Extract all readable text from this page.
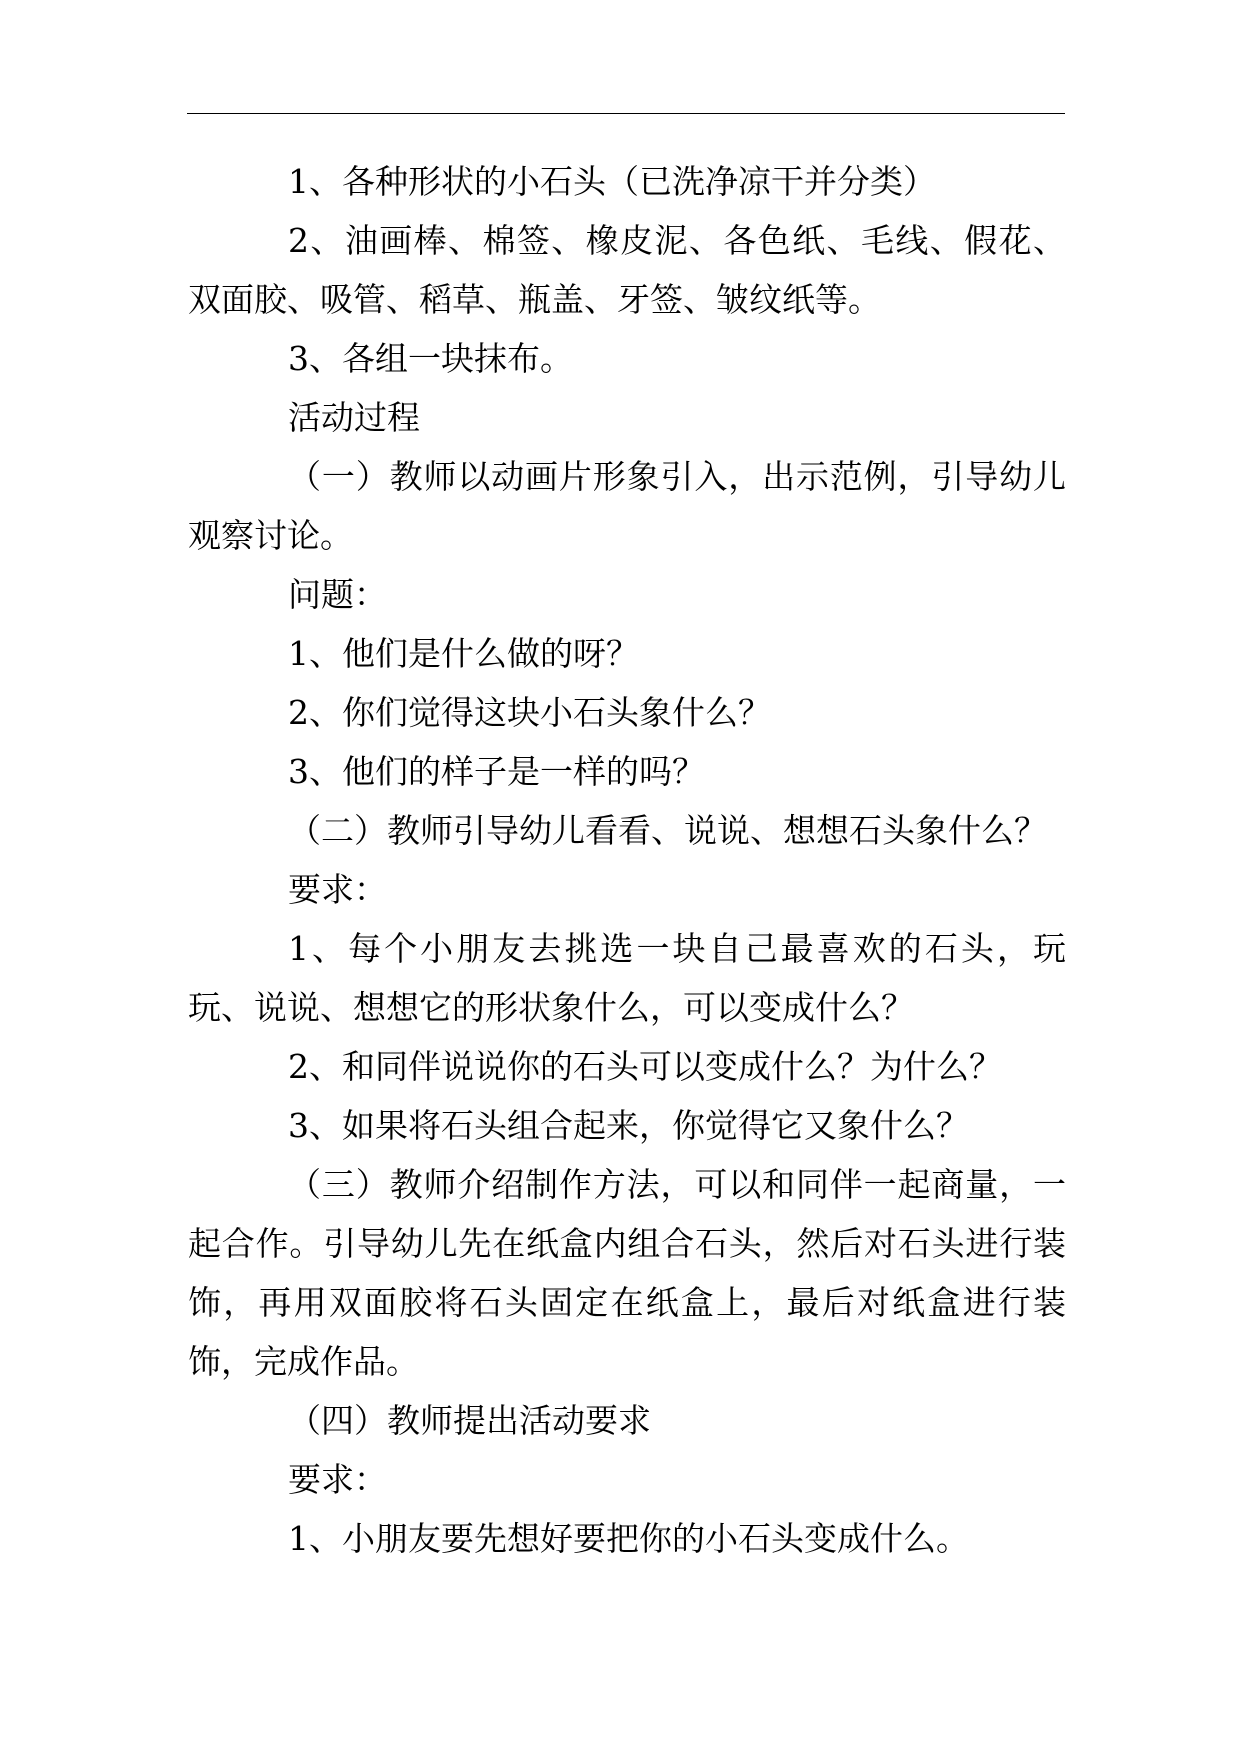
1、各种形状的小石头（已洗净凉干并分类）

2、油画棒、棉签、橡皮泥、各色纸、毛线、假花、双面胶、吸管、稻草、瓶盖、牙签、皱纹纸等。

3、各组一块抹布。

活动过程

（一）教师以动画片形象引入，出示范例，引导幼儿观察讨论。

问题：

1、他们是什么做的呀？

2、你们觉得这块小石头象什么？

3、他们的样子是一样的吗？

（二）教师引导幼儿看看、说说、想想石头象什么？

要求：

1、每个小朋友去挑选一块自己最喜欢的石头，玩玩、说说、想想它的形状象什么，可以变成什么？

2、和同伴说说你的石头可以变成什么？为什么？

3、如果将石头组合起来，你觉得它又象什么？

（三）教师介绍制作方法，可以和同伴一起商量，一起合作。引导幼儿先在纸盒内组合石头，然后对石头进行装饰，再用双面胶将石头固定在纸盒上，最后对纸盒进行装饰，完成作品。

（四）教师提出活动要求

要求：

1、小朋友要先想好要把你的小石头变成什么。
